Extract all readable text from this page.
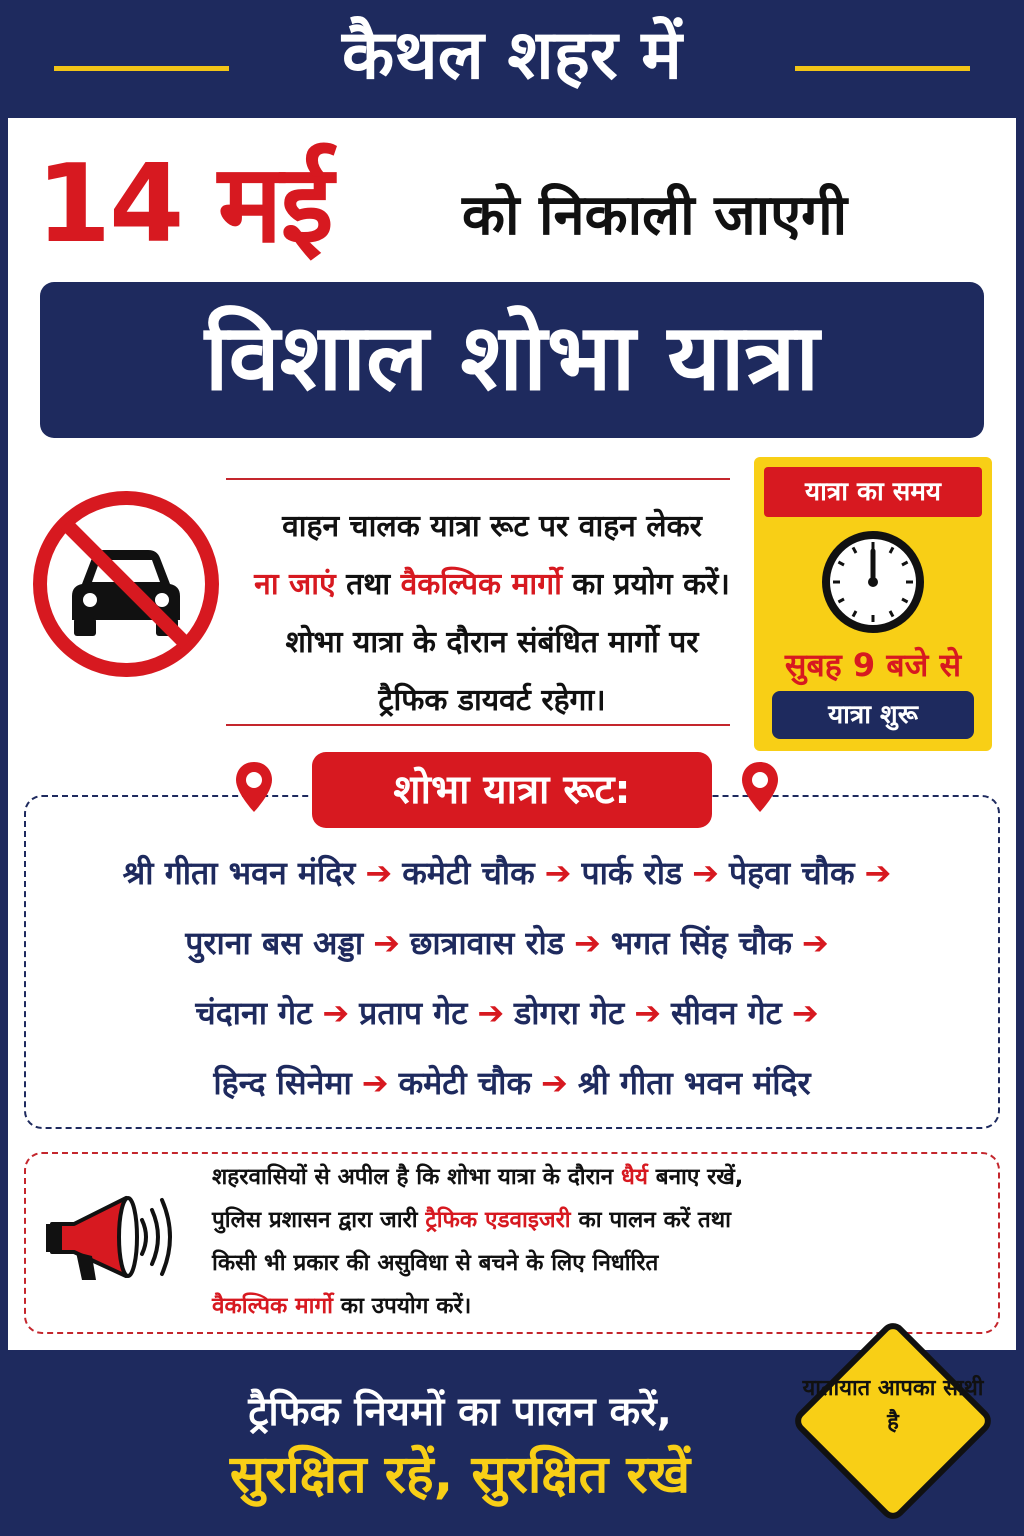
कैथल शहर में
14 मई को निकाली जाएगी
विशाल शोभा यात्रा
वाहन चालक यात्रा रूट पर वाहन लेकर
ना जाएं तथा वैकल्पिक मार्गो का प्रयोग करें।
शोभा यात्रा के दौरान संबंधित मार्गो पर
ट्रैफिक डायवर्ट रहेगा।
यात्रा का समय
सुबह 9 बजे से
यात्रा शुरू
शोभा यात्रा रूट:
श्री गीता भवन मंदिर ➔ कमेटी चौक ➔ पार्क रोड ➔ पेहवा चौक ➔
पुराना बस अड्डा ➔ छात्रावास रोड ➔ भगत सिंह चौक ➔
चंदाना गेट ➔ प्रताप गेट ➔ डोगरा गेट ➔ सीवन गेट ➔
हिन्द सिनेमा ➔ कमेटी चौक ➔ श्री गीता भवन मंदिर
शहरवासियों से अपील है कि शोभा यात्रा के दौरान धैर्य बनाए रखें,
पुलिस प्रशासन द्वारा जारी ट्रैफिक एडवाइजरी का पालन करें तथा
किसी भी प्रकार की असुविधा से बचने के लिए निर्धारित
वैकल्पिक मार्गो का उपयोग करें।
ट्रैफिक नियमों का पालन करें,
सुरक्षित रहें, सुरक्षित रखें
यातायात आपका साथी है
